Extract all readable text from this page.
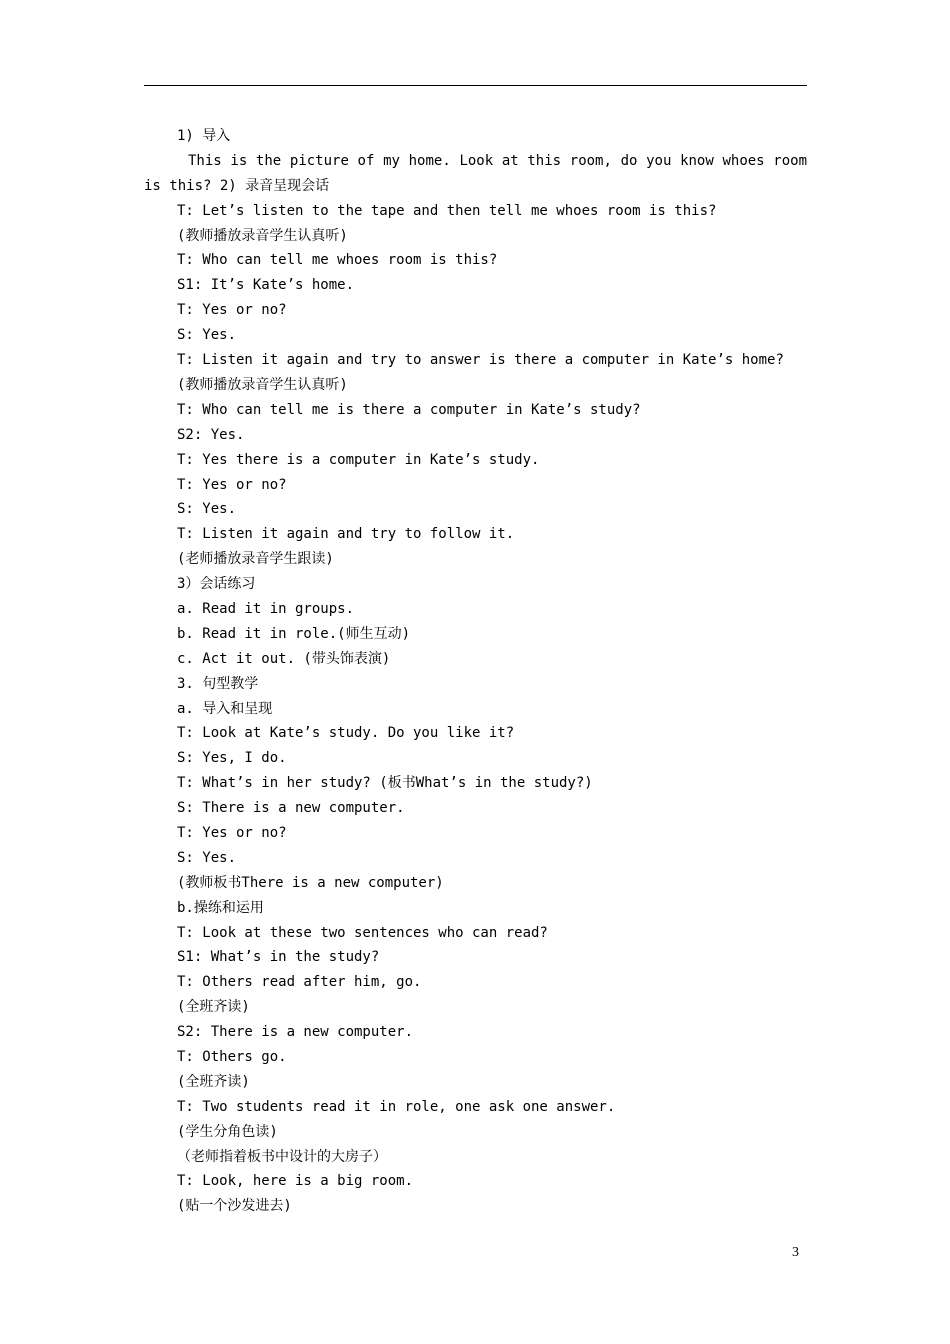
1) 导入
This is the picture of my home. Look at this room, do you know whoes room is this? 2) 录音呈现会话
T: Let’s listen to the tape and then tell me whoes room is this?
(教师播放录音学生认真听)
T: Who can tell me whoes room is this?
S1: It’s Kate’s home.
T: Yes or no?
S: Yes.
T: Listen it again and try to answer is there a computer in Kate’s home?
(教师播放录音学生认真听)
T: Who can tell me is there a computer in Kate’s study?
S2: Yes.
T: Yes there is a computer in Kate’s study.
T: Yes or no?
S: Yes.
T: Listen it again and try to follow it.
(老师播放录音学生跟读)
3）会话练习
a. Read it in groups.
b. Read it in role.(师生互动)
c. Act it out. (带头饰表演)
3. 句型教学
a. 导入和呈现
T: Look at Kate’s study. Do you like it?
S: Yes, I do.
T: What’s in her study? (板书What’s in the study?)
S: There is a new computer.
T: Yes or no?
S: Yes.
(教师板书There is a new computer)
b.操练和运用
T: Look at these two sentences who can read?
S1: What’s in the study?
T: Others read after him, go.
(全班齐读)
S2: There is a new computer.
T: Others go.
(全班齐读)
T: Two students read it in role, one ask one answer.
(学生分角色读)
（老师指着板书中设计的大房子）
T: Look, here is a big room.
(贴一个沙发进去)
3
